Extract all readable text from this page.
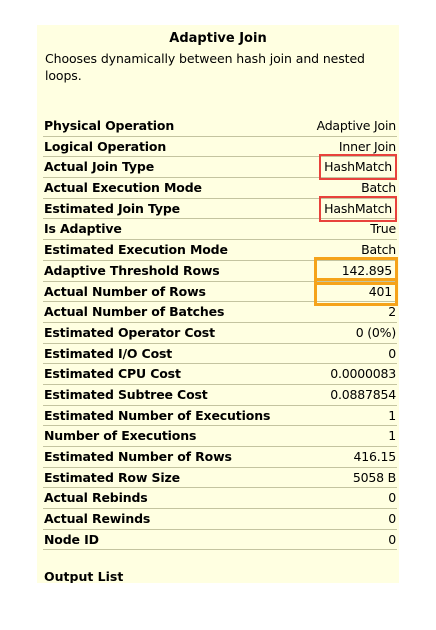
Adaptive Join
Chooses dynamically between hash join and nested loops.
Physical Operation	Adaptive Join
Logical Operation	Inner Join
Actual Join Type	HashMatch
Actual Execution Mode	Batch
Estimated Join Type	HashMatch
Is Adaptive	True
Estimated Execution Mode	Batch
Adaptive Threshold Rows	142.895
Actual Number of Rows	401
Actual Number of Batches	2
Estimated Operator Cost	0 (0%)
Estimated I/O Cost	0
Estimated CPU Cost	0.0000083
Estimated Subtree Cost	0.0887854
Estimated Number of Executions	1
Number of Executions	1
Estimated Number of Rows	416.15
Estimated Row Size	5058 B
Actual Rebinds	0
Actual Rewinds	0
Node ID	0
Output List
